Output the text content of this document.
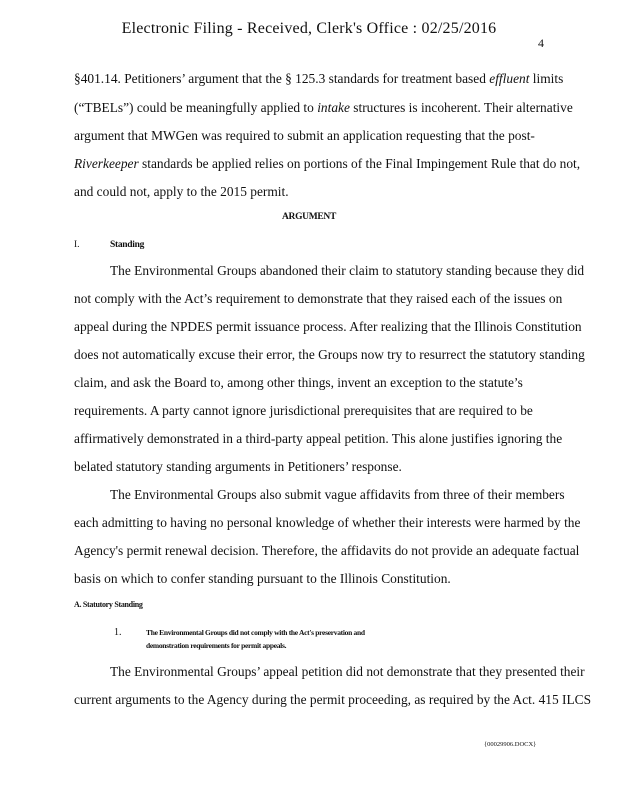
Electronic Filing - Received, Clerk's Office : 02/25/2016
4
§401.14. Petitioners’ argument that the § 125.3 standards for treatment based effluent limits
(“TBELs”) could be meaningfully applied to intake structures is incoherent. Their alternative
argument that MWGen was required to submit an application requesting that the post-
Riverkeeper standards be applied relies on portions of the Final Impingement Rule that do not,
and could not, apply to the 2015 permit.
ARGUMENT
I.	Standing
The Environmental Groups abandoned their claim to statutory standing because they did
not comply with the Act’s requirement to demonstrate that they raised each of the issues on
appeal during the NPDES permit issuance process. After realizing that the Illinois Constitution
does not automatically excuse their error, the Groups now try to resurrect the statutory standing
claim, and ask the Board to, among other things, invent an exception to the statute’s
requirements. A party cannot ignore jurisdictional prerequisites that are required to be
affirmatively demonstrated in a third-party appeal petition. This alone justifies ignoring the
belated statutory standing arguments in Petitioners’ response.
The Environmental Groups also submit vague affidavits from three of their members
each admitting to having no personal knowledge of whether their interests were harmed by the
Agency's permit renewal decision. Therefore, the affidavits do not provide an adequate factual
basis on which to confer standing pursuant to the Illinois Constitution.
A. Statutory Standing
1.	The Environmental Groups did not comply with the Act's preservation and
demonstration requirements for permit appeals.
The Environmental Groups’ appeal petition did not demonstrate that they presented their
current arguments to the Agency during the permit proceeding, as required by the Act. 415 ILCS
{00029906.DOCX}
